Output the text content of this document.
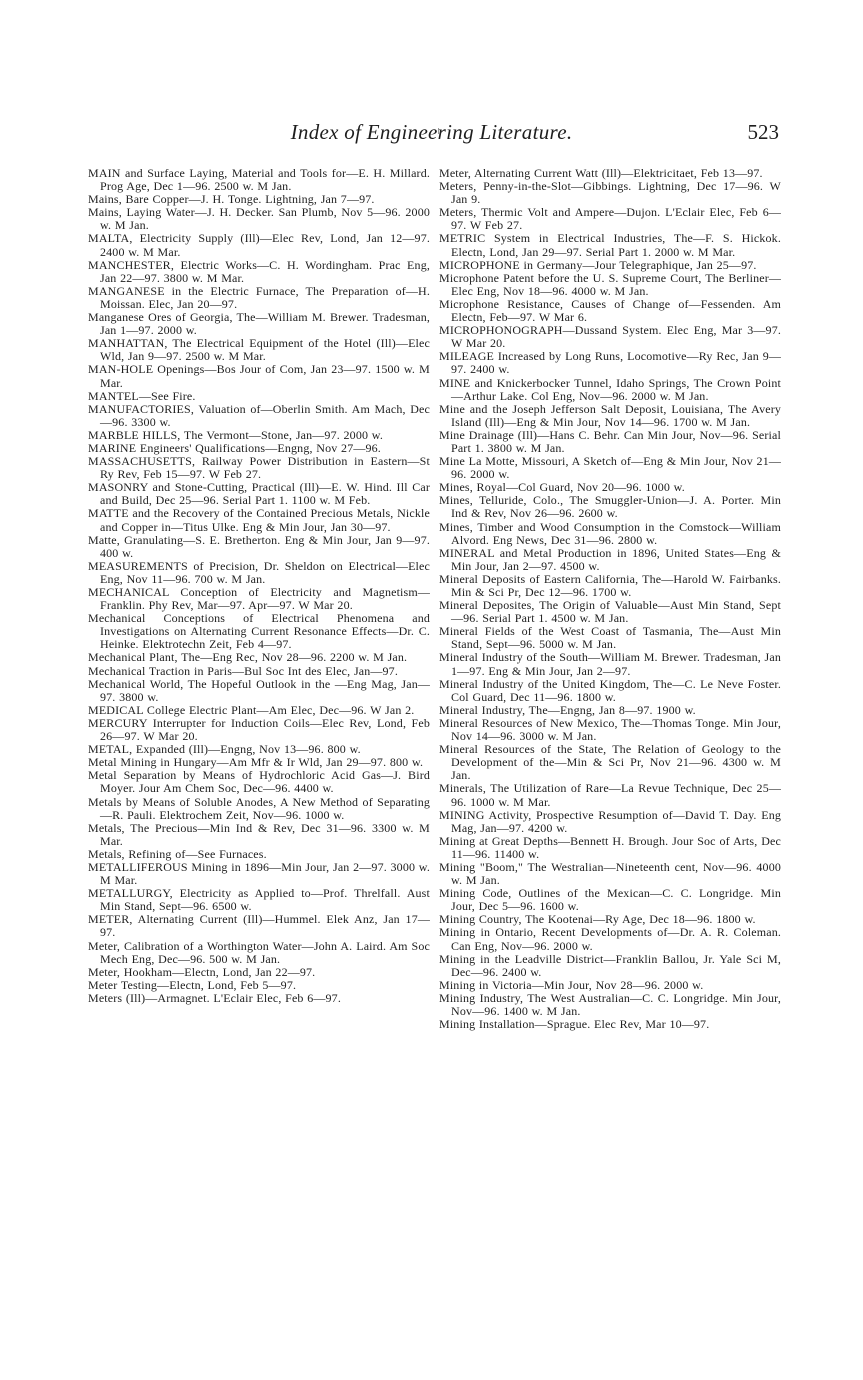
Index of Engineering Literature.	523

MAIN and Surface Laying, Material and Tools for—E. H. Millard. Prog Age, Dec 1—96. 2500 w. M Jan.

Mains, Bare Copper—J. H. Tonge. Lightning, Jan 7—97.

Mains, Laying Water—J. H. Decker. San Plumb, Nov 5—96. 2000 w. M Jan.

MALTA, Electricity Supply (Ill)—Elec Rev, Lond, Jan 12—97. 2400 w. M Mar.

MANCHESTER, Electric Works—C. H. Wordingham. Prac Eng, Jan 22—97. 3800 w. M Mar.

MANGANESE in the Electric Furnace, The Preparation of—H. Moissan. Elec, Jan 20—97.

Manganese Ores of Georgia, The—William M. Brewer. Tradesman, Jan 1—97. 2000 w.

MANHATTAN, The Electrical Equipment of the Hotel (Ill)—Elec Wld, Jan 9—97. 2500 w. M Mar.

MAN-HOLE Openings—Bos Jour of Com, Jan 23—97. 1500 w. M Mar.

MANTEL—See Fire.

MANUFACTORIES, Valuation of—Oberlin Smith. Am Mach, Dec—96. 3300 w.

MARBLE HILLS, The Vermont—Stone, Jan—97. 2000 w.

MARINE Engineers' Qualifications—Engng, Nov 27—96.

MASSACHUSETTS, Railway Power Distribution in Eastern—St Ry Rev, Feb 15—97. W Feb 27.

MASONRY and Stone-Cutting, Practical (Ill)—E. W. Hind. Ill Car and Build, Dec 25—96. Serial Part 1. 1100 w. M Feb.

MATTE and the Recovery of the Contained Precious Metals, Nickle and Copper in—Titus Ulke. Eng & Min Jour, Jan 30—97.

Matte, Granulating—S. E. Bretherton. Eng & Min Jour, Jan 9—97. 400 w.

MEASUREMENTS of Precision, Dr. Sheldon on Electrical—Elec Eng, Nov 11—96. 700 w. M Jan.

MECHANICAL Conception of Electricity and Magnetism—Franklin. Phy Rev, Mar—97. Apr—97. W Mar 20.

Mechanical Conceptions of Electrical Phenomena and Investigations on Alternating Current Resonance Effects—Dr. C. Heinke. Elektrotechn Zeit, Feb 4—97.

Mechanical Plant, The—Eng Rec, Nov 28—96. 2200 w. M Jan.

Mechanical Traction in Paris—Bul Soc Int des Elec, Jan—97.

Mechanical World, The Hopeful Outlook in the —Eng Mag, Jan—97. 3800 w.

MEDICAL College Electric Plant—Am Elec, Dec—96. W Jan 2.

MERCURY Interrupter for Induction Coils—Elec Rev, Lond, Feb 26—97. W Mar 20.

METAL, Expanded (Ill)—Engng, Nov 13—96. 800 w.

Metal Mining in Hungary—Am Mfr & Ir Wld, Jan 29—97. 800 w.

Metal Separation by Means of Hydrochloric Acid Gas—J. Bird Moyer. Jour Am Chem Soc, Dec—96. 4400 w.

Metals by Means of Soluble Anodes, A New Method of Separating—R. Pauli. Elektrochem Zeit, Nov—96. 1000 w.

Metals, The Precious—Min Ind & Rev, Dec 31—96. 3300 w. M Mar.

Metals, Refining of—See Furnaces.

METALLIFEROUS Mining in 1896—Min Jour, Jan 2—97. 3000 w. M Mar.

METALLURGY, Electricity as Applied to—Prof. Threlfall. Aust Min Stand, Sept—96. 6500 w.

METER, Alternating Current (Ill)—Hummel. Elek Anz, Jan 17—97.

Meter, Calibration of a Worthington Water—John A. Laird. Am Soc Mech Eng, Dec—96. 500 w. M Jan.

Meter, Hookham—Electn, Lond, Jan 22—97.

Meter Testing—Electn, Lond, Feb 5—97.

Meters (Ill)—Armagnet. L'Eclair Elec, Feb 6—97.

Meter, Alternating Current Watt (Ill)—Elektricitaet, Feb 13—97.

Meters, Penny-in-the-Slot—Gibbings. Lightning, Dec 17—96. W Jan 9.

Meters, Thermic Volt and Ampere—Dujon. L'Eclair Elec, Feb 6—97. W Feb 27.

METRIC System in Electrical Industries, The—F. S. Hickok. Electn, Lond, Jan 29—97. Serial Part 1. 2000 w. M Mar.

MICROPHONE in Germany—Jour Telegraphique, Jan 25—97.

Microphone Patent before the U. S. Supreme Court, The Berliner—Elec Eng, Nov 18—96. 4000 w. M Jan.

Microphone Resistance, Causes of Change of—Fessenden. Am Electn, Feb—97. W Mar 6.

MICROPHONOGRAPH—Dussand System. Elec Eng, Mar 3—97. W Mar 20.

MILEAGE Increased by Long Runs, Locomotive—Ry Rec, Jan 9—97. 2400 w.

MINE and Knickerbocker Tunnel, Idaho Springs, The Crown Point—Arthur Lake. Col Eng, Nov—96. 2000 w. M Jan.

Mine and the Joseph Jefferson Salt Deposit, Louisiana, The Avery Island (Ill)—Eng & Min Jour, Nov 14—96. 1700 w. M Jan.

Mine Drainage (Ill)—Hans C. Behr. Can Min Jour, Nov—96. Serial Part 1. 3800 w. M Jan.

Mine La Motte, Missouri, A Sketch of—Eng & Min Jour, Nov 21—96. 2000 w.

Mines, Royal—Col Guard, Nov 20—96. 1000 w.

Mines, Telluride, Colo., The Smuggler-Union—J. A. Porter. Min Ind & Rev, Nov 26—96. 2600 w.

Mines, Timber and Wood Consumption in the Comstock—William Alvord. Eng News, Dec 31—96. 2800 w.

MINERAL and Metal Production in 1896, United States—Eng & Min Jour, Jan 2—97. 4500 w.

Mineral Deposits of Eastern California, The—Harold W. Fairbanks. Min & Sci Pr, Dec 12—96. 1700 w.

Mineral Deposites, The Origin of Valuable—Aust Min Stand, Sept—96. Serial Part 1. 4500 w. M Jan.

Mineral Fields of the West Coast of Tasmania, The—Aust Min Stand, Sept—96. 5000 w. M Jan.

Mineral Industry of the South—William M. Brewer. Tradesman, Jan 1—97. Eng & Min Jour, Jan 2—97.

Mineral Industry of the United Kingdom, The—C. Le Neve Foster. Col Guard, Dec 11—96. 1800 w.

Mineral Industry, The—Engng, Jan 8—97. 1900 w.

Mineral Resources of New Mexico, The—Thomas Tonge. Min Jour, Nov 14—96. 3000 w. M Jan.

Mineral Resources of the State, The Relation of Geology to the Development of the—Min & Sci Pr, Nov 21—96. 4300 w. M Jan.

Minerals, The Utilization of Rare—La Revue Technique, Dec 25—96. 1000 w. M Mar.

MINING Activity, Prospective Resumption of—David T. Day. Eng Mag, Jan—97. 4200 w.

Mining at Great Depths—Bennett H. Brough. Jour Soc of Arts, Dec 11—96. 11400 w.

Mining "Boom," The Westralian—Nineteenth cent, Nov—96. 4000 w. M Jan.

Mining Code, Outlines of the Mexican—C. C. Longridge. Min Jour, Dec 5—96. 1600 w.

Mining Country, The Kootenai—Ry Age, Dec 18—96. 1800 w.

Mining in Ontario, Recent Developments of—Dr. A. R. Coleman. Can Eng, Nov—96. 2000 w.

Mining in the Leadville District—Franklin Ballou, Jr. Yale Sci M, Dec—96. 2400 w.

Mining in Victoria—Min Jour, Nov 28—96. 2000 w.

Mining Industry, The West Australian—C. C. Longridge. Min Jour, Nov—96. 1400 w. M Jan.

Mining Installation—Sprague. Elec Rev, Mar 10—97.
